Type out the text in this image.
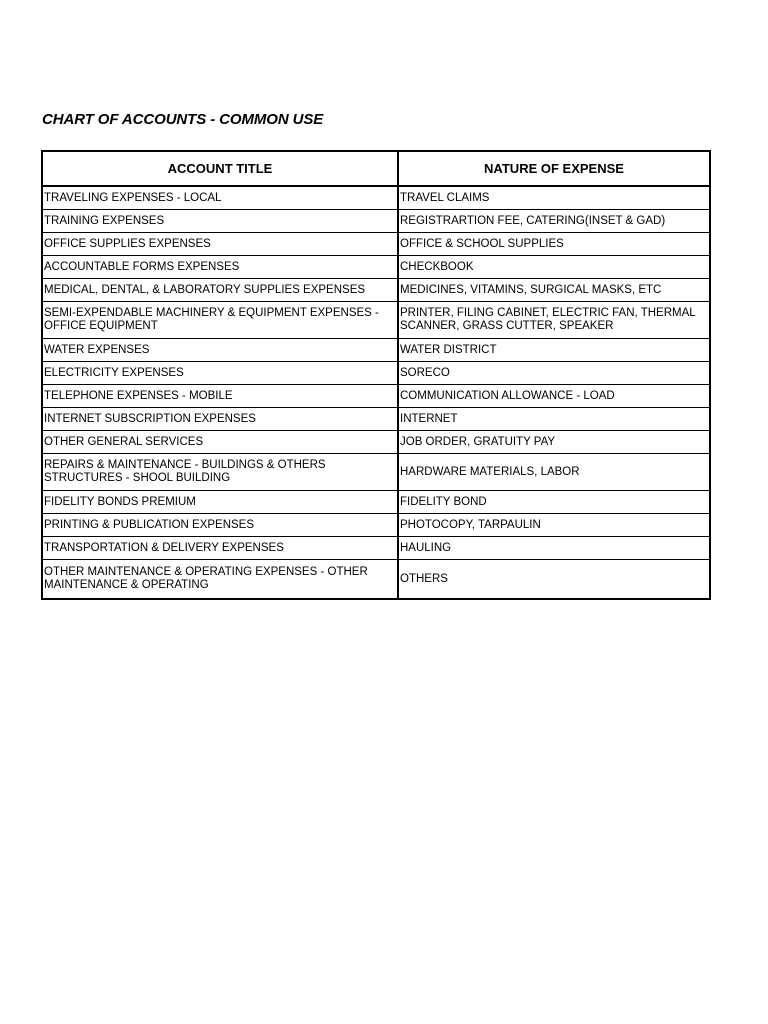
CHART OF ACCOUNTS - COMMON USE
ACCOUNT TITLE	NATURE OF EXPENSE
TRAVELING EXPENSES - LOCAL	TRAVEL CLAIMS
TRAINING EXPENSES	REGISTRARTION FEE, CATERING(INSET & GAD)
OFFICE SUPPLIES EXPENSES	OFFICE & SCHOOL SUPPLIES
ACCOUNTABLE FORMS EXPENSES	CHECKBOOK
MEDICAL, DENTAL, & LABORATORY SUPPLIES EXPENSES	MEDICINES, VITAMINS, SURGICAL MASKS, ETC
SEMI-EXPENDABLE MACHINERY & EQUIPMENT EXPENSES - OFFICE EQUIPMENT	PRINTER, FILING CABINET, ELECTRIC FAN, THERMAL SCANNER, GRASS CUTTER, SPEAKER
WATER EXPENSES	WATER DISTRICT
ELECTRICITY EXPENSES	SORECO
TELEPHONE EXPENSES - MOBILE	COMMUNICATION ALLOWANCE - LOAD
INTERNET SUBSCRIPTION EXPENSES	INTERNET
OTHER GENERAL SERVICES	JOB ORDER, GRATUITY PAY
REPAIRS & MAINTENANCE - BUILDINGS & OTHERS STRUCTURES - SHOOL BUILDING	HARDWARE MATERIALS, LABOR
FIDELITY BONDS PREMIUM	FIDELITY BOND
PRINTING & PUBLICATION EXPENSES	PHOTOCOPY, TARPAULIN
TRANSPORTATION & DELIVERY EXPENSES	HAULING
OTHER MAINTENANCE & OPERATING EXPENSES - OTHER MAINTENANCE & OPERATING	OTHERS
